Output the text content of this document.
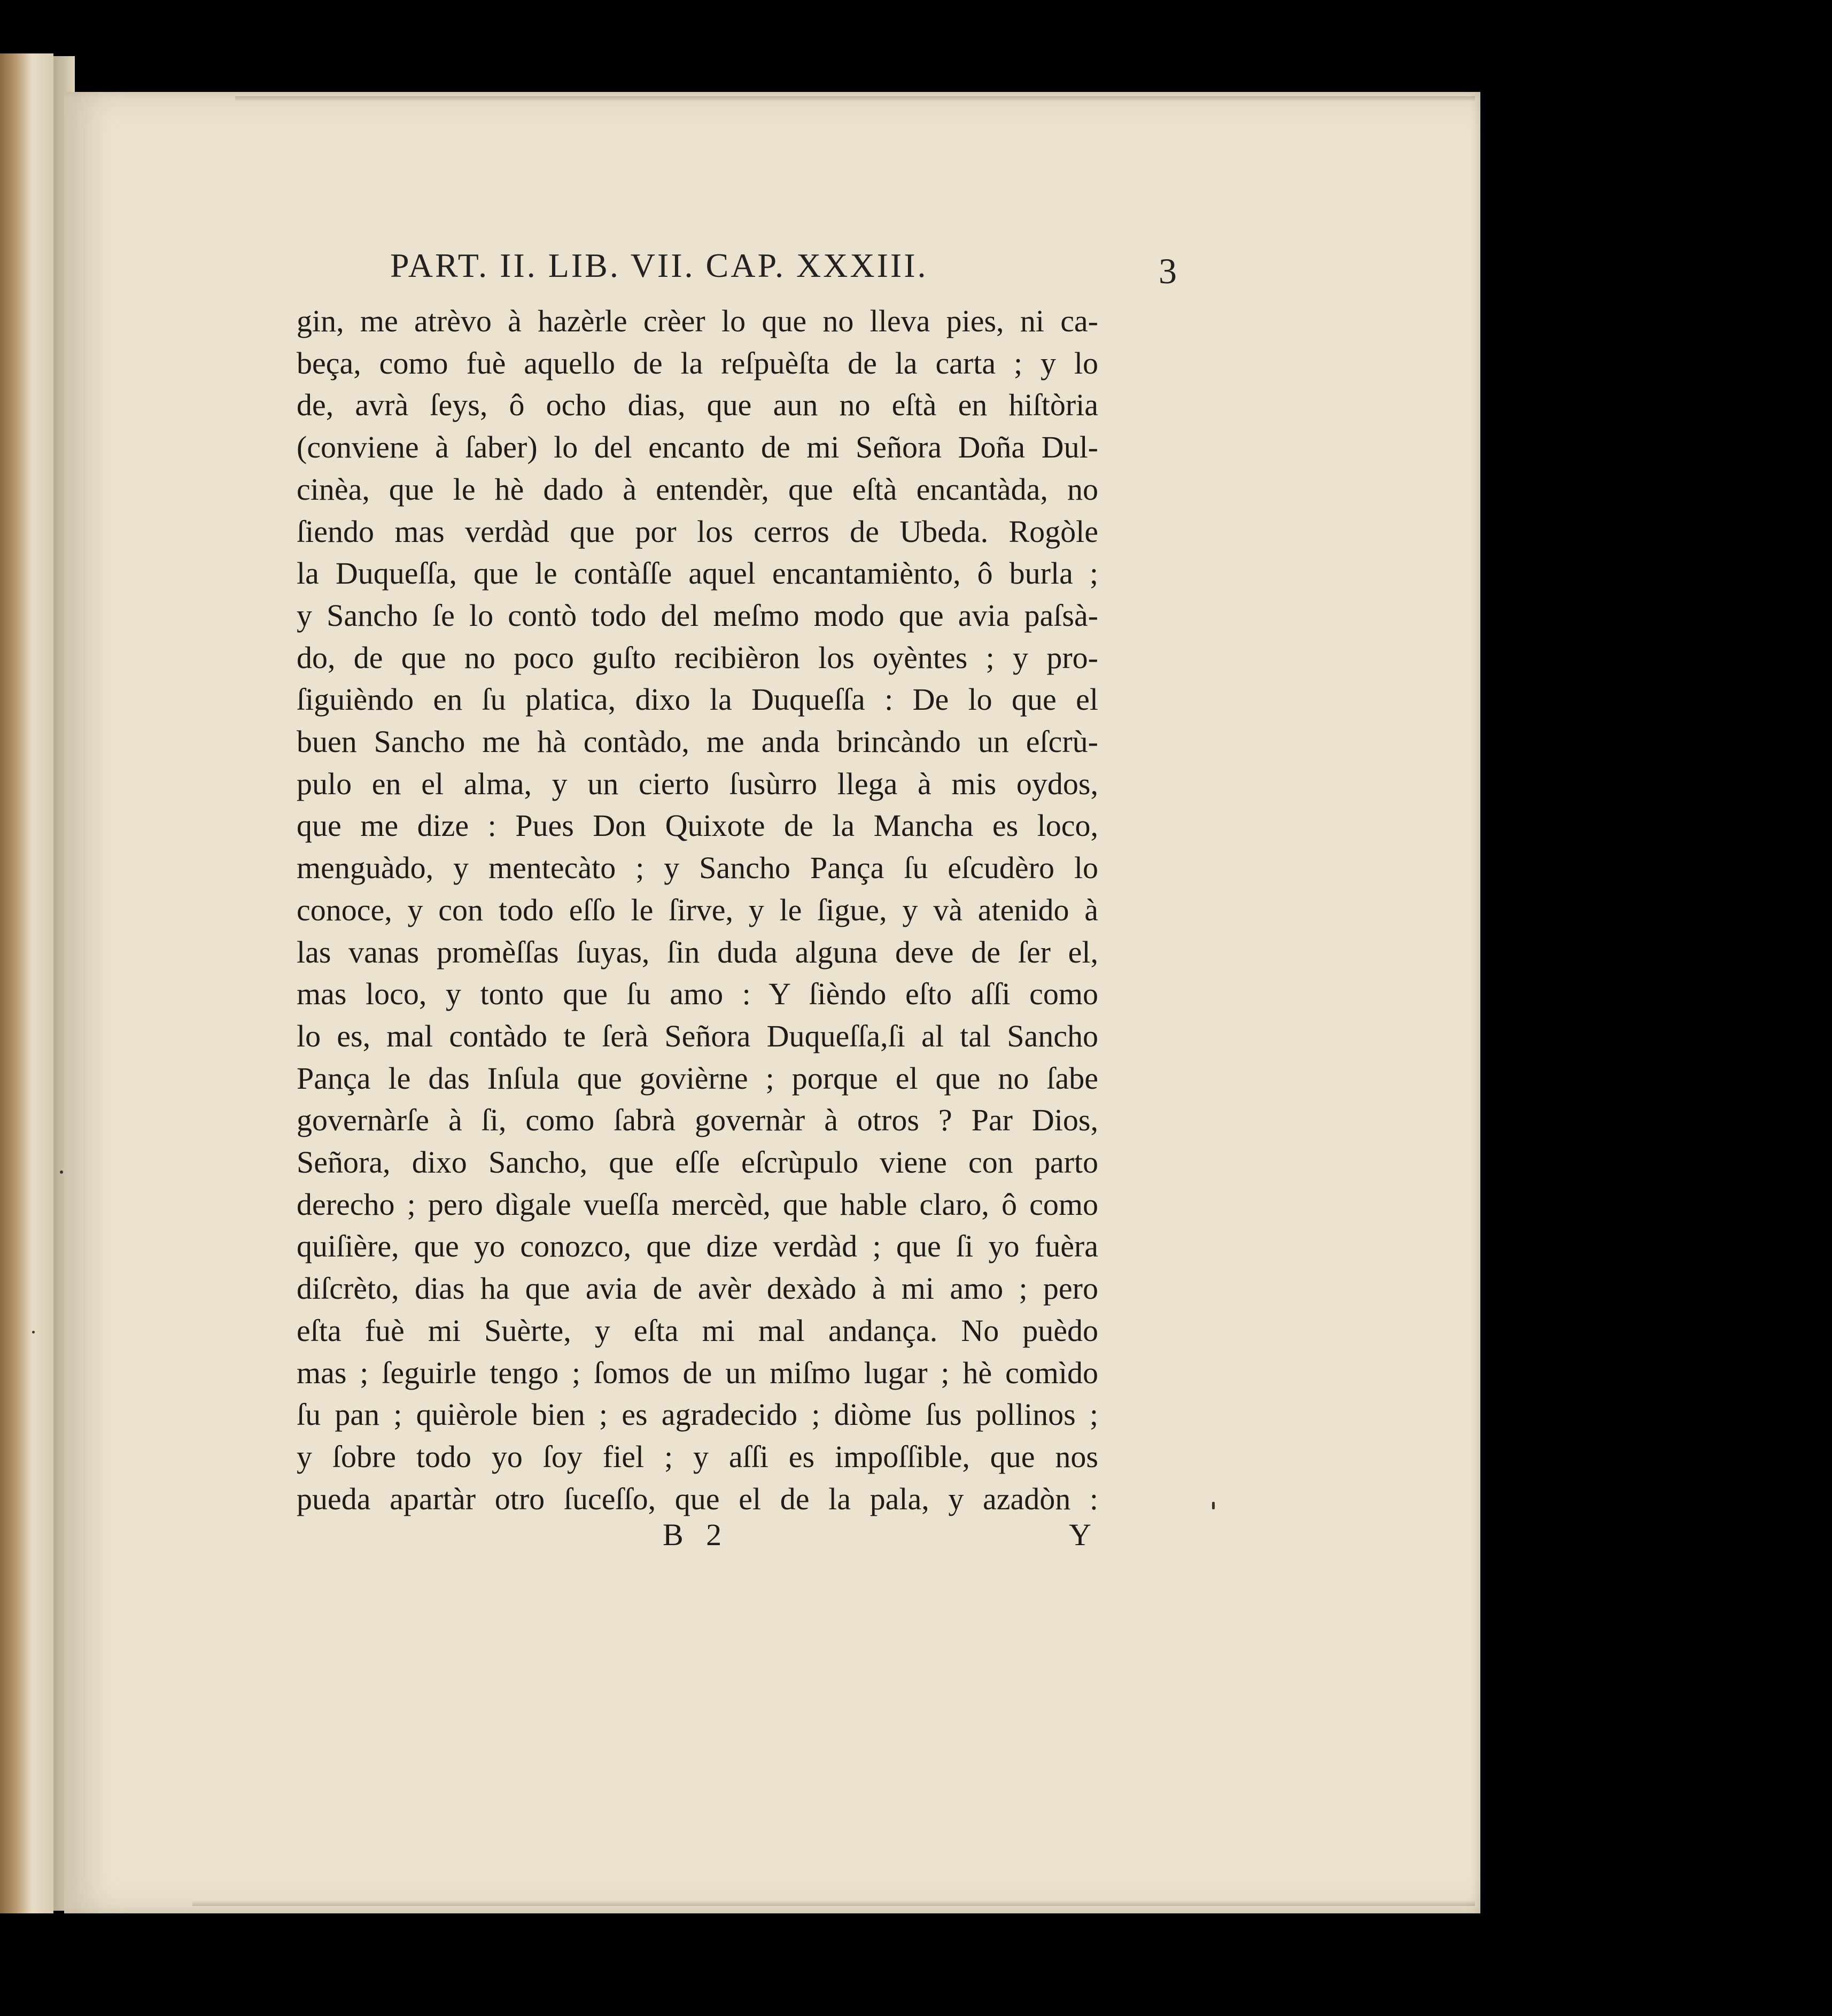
PART. II. LIB. VII. CAP. XXXIII.	3
gin, me atrèvo à hazèrle crèer lo que no lleva pies, ni ca-
beça, como fuè aquello de la reſpuèſta de la carta ; y lo
de, avrà ſeys, ô ocho dias, que aun no eſtà en hiſtòria
(conviene à ſaber) lo del encanto de mi Señora Doña Dul-
cinèa, que le hè dado à entendèr, que eſtà encantàda, no
ſiendo mas verdàd que por los cerros de Ubeda. Rogòle
la Duqueſſa, que le contàſſe aquel encantamiènto, ô burla ;
y Sancho ſe lo contò todo del meſmo modo que avia paſsà-
do, de que no poco guſto recibièron los oyèntes ; y pro-
ſiguièndo en ſu platica, dixo la Duqueſſa : De lo que el
buen Sancho me hà contàdo, me anda brincàndo un eſcrù-
pulo en el alma, y un cierto ſusùrro llega à mis oydos,
que me dize : Pues Don Quixote de la Mancha es loco,
menguàdo, y mentecàto ; y Sancho Pança ſu eſcudèro lo
conoce, y con todo eſſo le ſirve, y le ſigue, y và atenido à
las vanas promèſſas ſuyas, ſin duda alguna deve de ſer el,
mas loco, y tonto que ſu amo : Y ſièndo eſto aſſi como
lo es, mal contàdo te ſerà Señora Duqueſſa,ſi al tal Sancho
Pança le das Inſula que govièrne ; porque el que no ſabe
governàrſe à ſi, como ſabrà governàr à otros ? Par Dios,
Señora, dixo Sancho, que eſſe eſcrùpulo viene con parto
derecho ; pero dìgale vueſſa mercèd, que hable claro, ô como
quiſière, que yo conozco, que dize verdàd ; que ſi yo fuèra
diſcrèto, dias ha que avia de avèr dexàdo à mi amo ; pero
eſta fuè mi Suèrte, y eſta mi mal andança. No puèdo
mas ; ſeguirle tengo ; ſomos de un miſmo lugar ; hè comìdo
ſu pan ; quièrole bien ; es agradecido ; diòme ſus pollinos ;
y ſobre todo yo ſoy fiel ; y aſſi es impoſſible, que nos
pueda apartàr otro ſuceſſo, que el de la pala, y azadòn :
B 2	Y
